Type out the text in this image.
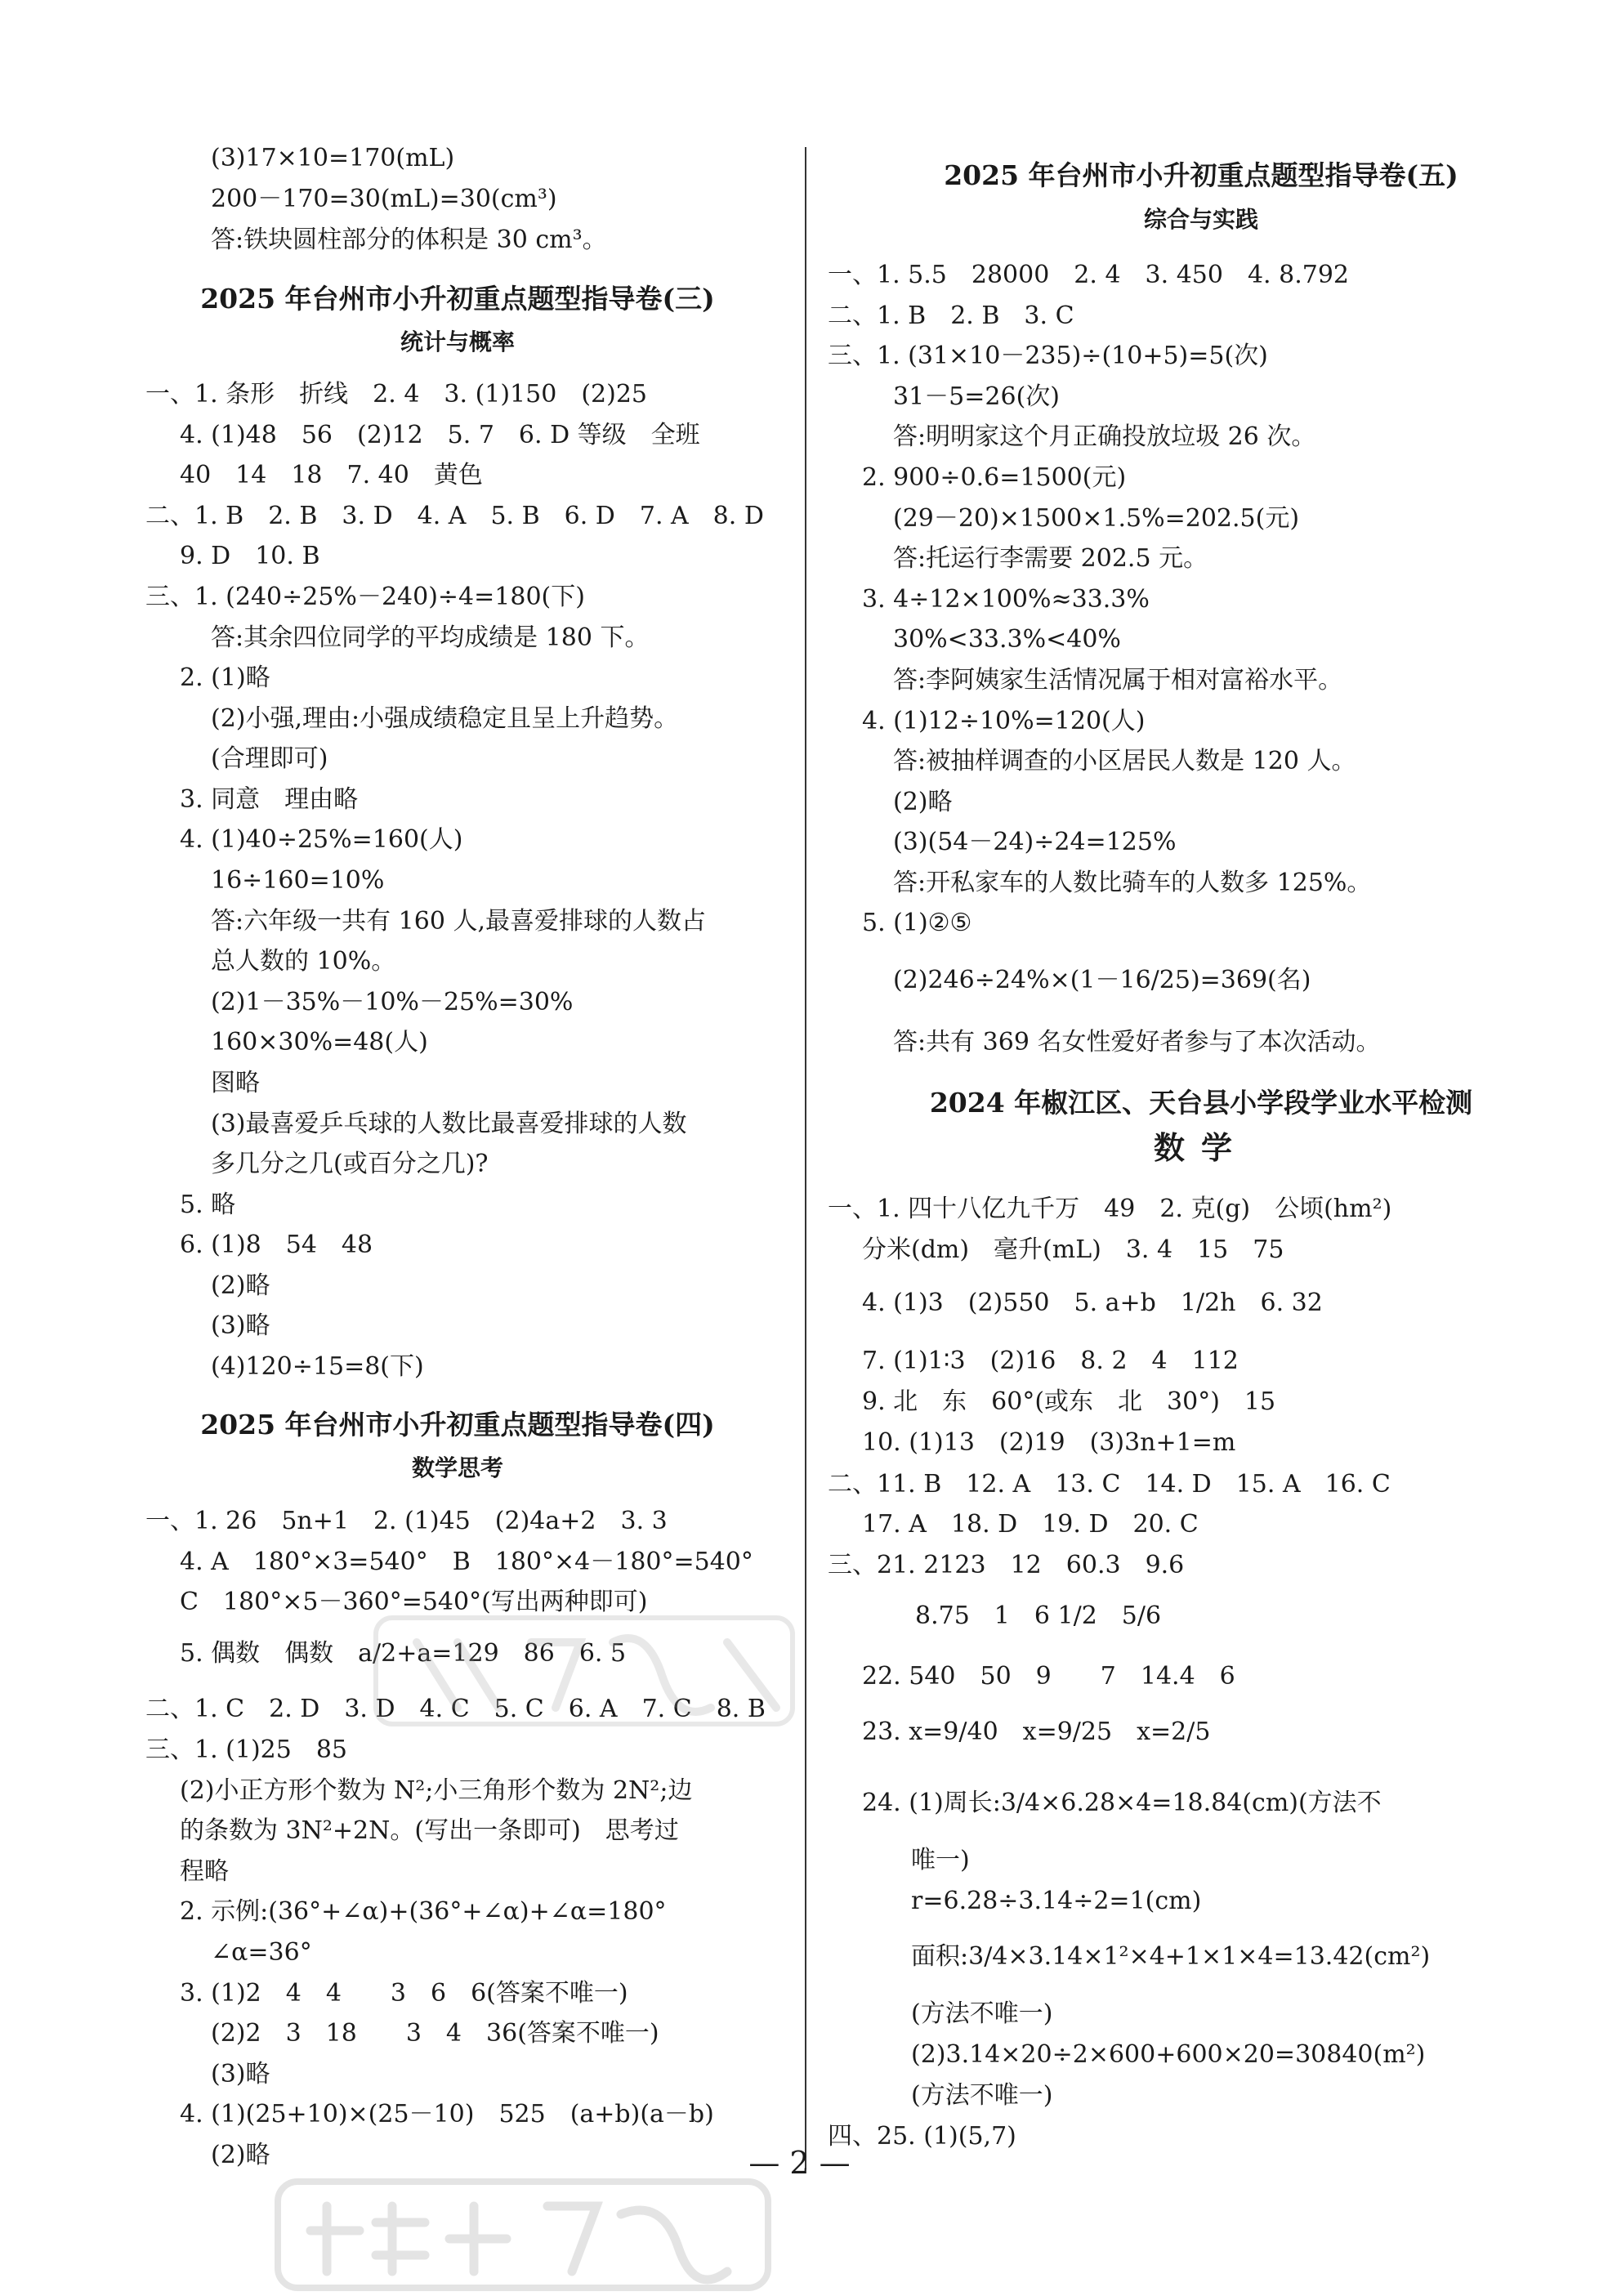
(3)17×10=170(mL)
200－170=30(mL)=30(cm³)
答:铁块圆柱部分的体积是 30 cm³。
2025 年台州市小升初重点题型指导卷(三)
统计与概率
一、1. 条形　折线　2. 4　3. (1)150　(2)25
4. (1)48　56　(2)12　5. 7　6. D 等级　全班
40　14　18　7. 40　黄色
二、1. B　2. B　3. D　4. A　5. B　6. D　7. A　8. D
9. D　10. B
三、1. (240÷25%－240)÷4=180(下)
答:其余四位同学的平均成绩是 180 下。
2. (1)略
(2)小强,理由:小强成绩稳定且呈上升趋势。
(合理即可)
3. 同意　理由略
4. (1)40÷25%=160(人)
16÷160=10%
答:六年级一共有 160 人,最喜爱排球的人数占
总人数的 10%。
(2)1－35%－10%－25%=30%
160×30%=48(人)
图略
(3)最喜爱乒乓球的人数比最喜爱排球的人数
多几分之几(或百分之几)?
5. 略
6. (1)8　54　48
(2)略
(3)略
(4)120÷15=8(下)
2025 年台州市小升初重点题型指导卷(四)
数学思考
一、1. 26　5n+1　2. (1)45　(2)4a+2　3. 3
4. A　180°×3=540°　B　180°×4－180°=540°
C　180°×5－360°=540°(写出两种即可)
5. 偶数　偶数　a/2+a=129　86　6. 5
二、1. C　2. D　3. D　4. C　5. C　6. A　7. C　8. B
三、1. (1)25　85
(2)小正方形个数为 N²;小三角形个数为 2N²;边
的条数为 3N²+2N。(写出一条即可)　思考过
程略
2. 示例:(36°+∠α)+(36°+∠α)+∠α=180°
∠α=36°
3. (1)2　4　4　　3　6　6(答案不唯一)
(2)2　3　18　　3　4　36(答案不唯一)
(3)略
4. (1)(25+10)×(25－10)　525　(a+b)(a－b)
(2)略
2025 年台州市小升初重点题型指导卷(五)
综合与实践
一、1. 5.5　28000　2. 4　3. 450　4. 8.792
二、1. B　2. B　3. C
三、1. (31×10－235)÷(10+5)=5(次)
31－5=26(次)
答:明明家这个月正确投放垃圾 26 次。
2. 900÷0.6=1500(元)
(29－20)×1500×1.5%=202.5(元)
答:托运行李需要 202.5 元。
3. 4÷12×100%≈33.3%
30%<33.3%<40%
答:李阿姨家生活情况属于相对富裕水平。
4. (1)12÷10%=120(人)
答:被抽样调查的小区居民人数是 120 人。
(2)略
(3)(54－24)÷24=125%
答:开私家车的人数比骑车的人数多 125%。
5. (1)②⑤
(2)246÷24%×(1－16/25)=369(名)
答:共有 369 名女性爱好者参与了本次活动。
2024 年椒江区、天台县小学段学业水平检测
数学
一、1. 四十八亿九千万　49　2. 克(g)　公顷(hm²)
分米(dm)　毫升(mL)　3. 4　15　75
4. (1)3　(2)550　5. a+b　1/2h　6. 32
7. (1)1∶3　(2)16　8. 2　4　112
9. 北　东　60°(或东　北　30°)　15
10. (1)13　(2)19　(3)3n+1=m
二、11. B　12. A　13. C　14. D　15. A　16. C
17. A　18. D　19. D　20. C
三、21. 2123　12　60.3　9.6
8.75　1　6 1/2　5/6
22. 540　50　9　　7　14.4　6
23. x=9/40　x=9/25　x=2/5
24. (1)周长:3/4×6.28×4=18.84(cm)(方法不
唯一)
r=6.28÷3.14÷2=1(cm)
面积:3/4×3.14×1²×4+1×1×4=13.42(cm²)
(方法不唯一)
(2)3.14×20÷2×600+600×20=30840(m²)
(方法不唯一)
四、25. (1)(5,7)
— 2 —
